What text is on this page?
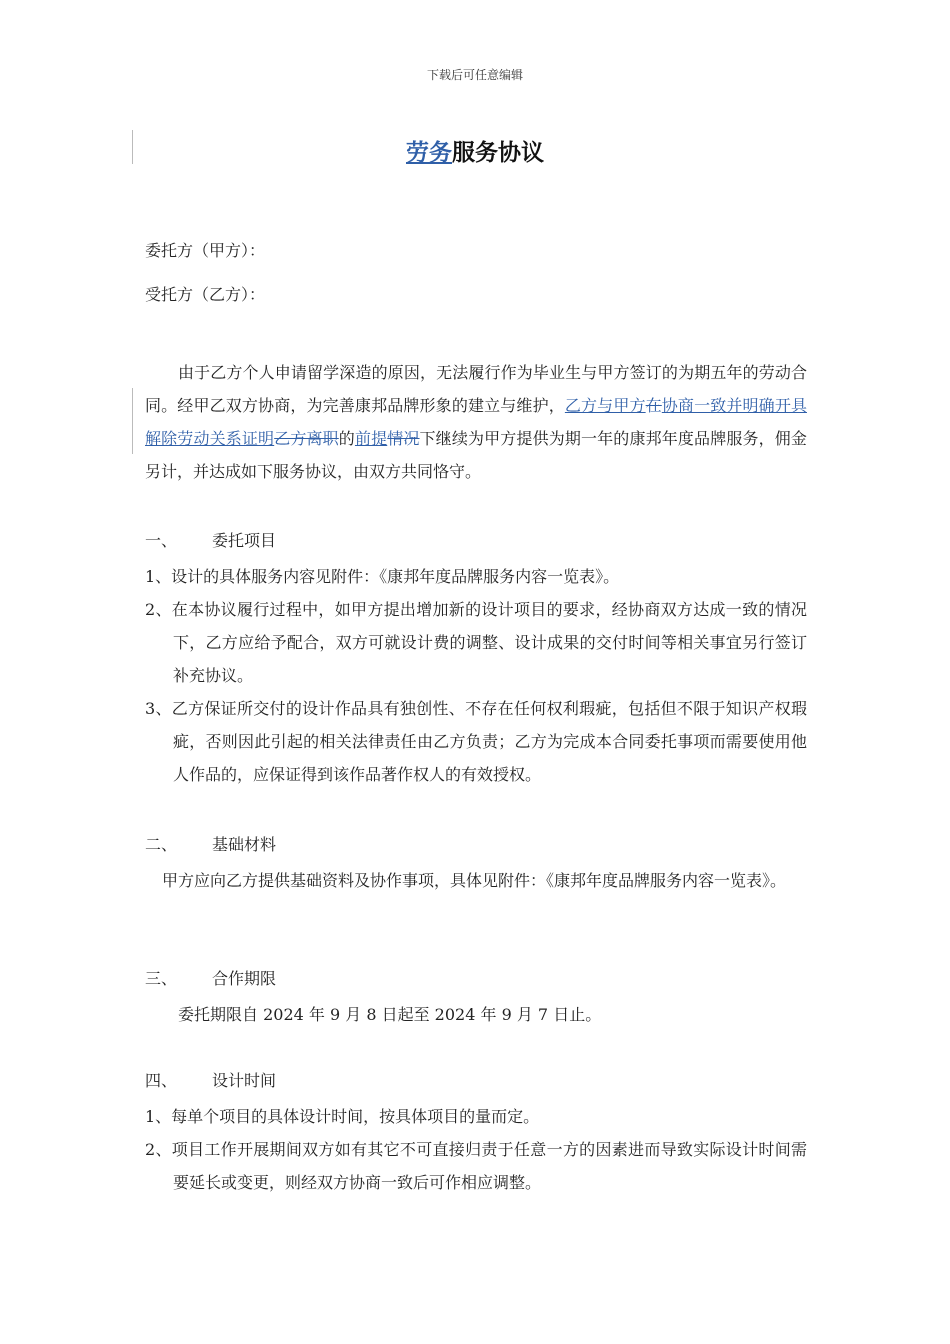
下载后可任意编辑
劳务服务协议
委托方（甲方）：
受托方（乙方）：
由于乙方个人申请留学深造的原因，无法履行作为毕业生与甲方签订的为期五年的劳动合同。经甲乙双方协商，为完善康邦品牌形象的建立与维护，乙方与甲方在协商一致并明确开具解除劳动关系证明乙方离职的前提情况下继续为甲方提供为期一年的康邦年度品牌服务，佣金另计，并达成如下服务协议，由双方共同恪守。
一、 委托项目
1、设计的具体服务内容见附件：《康邦年度品牌服务内容一览表》。
2、在本协议履行过程中，如甲方提出增加新的设计项目的要求，经协商双方达成一致的情况下，乙方应给予配合，双方可就设计费的调整、设计成果的交付时间等相关事宜另行签订补充协议。
3、乙方保证所交付的设计作品具有独创性、不存在任何权利瑕疵，包括但不限于知识产权瑕疵，否则因此引起的相关法律责任由乙方负责；乙方为完成本合同委托事项而需要使用他人作品的，应保证得到该作品著作权人的有效授权。
二、 基础材料
甲方应向乙方提供基础资料及协作事项，具体见附件：《康邦年度品牌服务内容一览表》。
三、 合作期限
委托期限自 2024 年 9 月 8 日起至 2024 年 9 月 7 日止。
四、 设计时间
1、每单个项目的具体设计时间，按具体项目的量而定。
2、项目工作开展期间双方如有其它不可直接归责于任意一方的因素进而导致实际设计时间需要延长或变更，则经双方协商一致后可作相应调整。
